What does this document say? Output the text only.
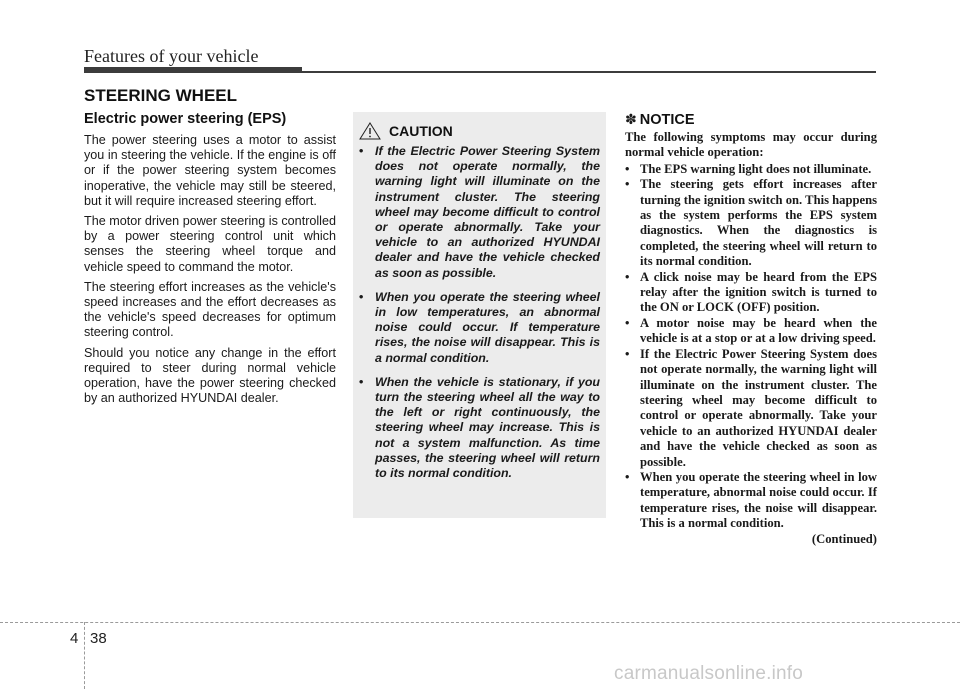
Features of your vehicle
STEERING WHEEL
Electric power steering (EPS)

The power steering uses a motor to assist you in steering the vehicle. If the engine is off or if the power steering system becomes inoperative, the vehicle may still be steered, but it will require increased steering effort.

The motor driven power steering is controlled by a power steering control unit which senses the steering wheel torque and vehicle speed to command the motor.

The steering effort increases as the vehicle's speed increases and the effort decreases as the vehicle's speed decreases for optimum steering control.

Should you notice any change in the effort required to steer during normal vehicle operation, have the power steering checked by an authorized HYUNDAI dealer.

CAUTION
• If the Electric Power Steering System does not operate normally, the warning light will illuminate on the instrument cluster. The steering wheel may become difficult to control or operate abnormally. Take your vehicle to an authorized HYUNDAI dealer and have the vehicle checked as soon as possible.
• When you operate the steering wheel in low temperatures, an abnormal noise could occur. If temperature rises, the noise will disappear. This is a normal condition.
• When the vehicle is stationary, if you turn the steering wheel all the way to the left or right continuously, the steering wheel may increase. This is not a system malfunction. As time passes, the steering wheel will return to its normal condition.
✽ NOTICE

The following symptoms may occur during normal vehicle operation:

• The EPS warning light does not illuminate.
• The steering gets effort increases after turning the ignition switch on. This happens as the system performs the EPS system diagnostics. When the diagnostics is completed, the steering wheel will return to its normal condition.
• A click noise may be heard from the EPS relay after the ignition switch is turned to the ON or LOCK (OFF) position.
• A motor noise may be heard when the vehicle is at a stop or at a low driving speed.
• If the Electric Power Steering System does not operate normally, the warning light will illuminate on the instrument cluster. The steering wheel may become difficult to control or operate abnormally. Take your vehicle to an authorized HYUNDAI dealer and have the vehicle checked as soon as possible.
• When you operate the steering wheel in low temperature, abnormal noise could occur. If temperature rises, the noise will disappear. This is a normal condition.
(Continued)
4 38
carmanualsonline.info
